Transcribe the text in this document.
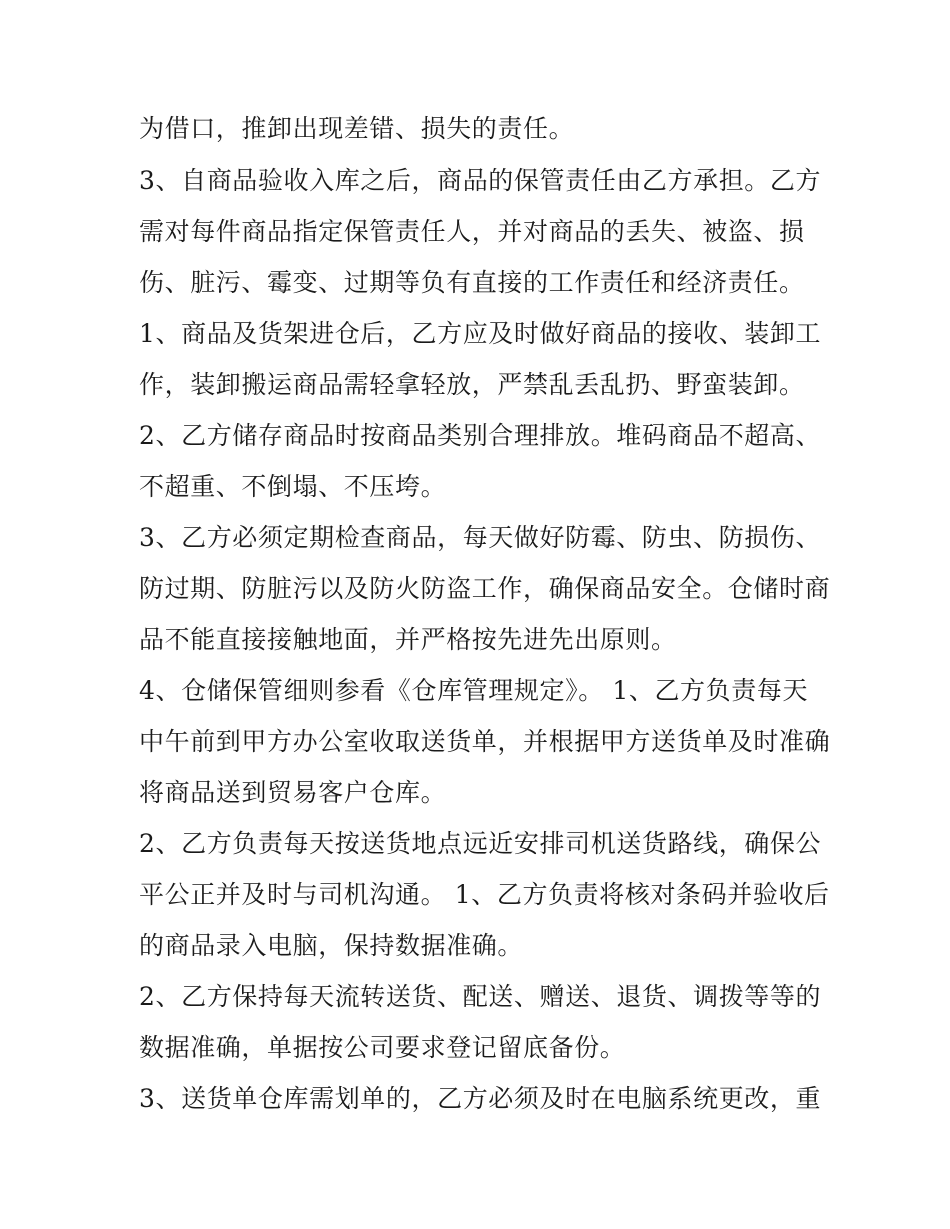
为借口，推卸出现差错、损失的责任。
3、自商品验收入库之后，商品的保管责任由乙方承担。乙方
需对每件商品指定保管责任人，并对商品的丢失、被盗、损
伤、脏污、霉变、过期等负有直接的工作责任和经济责任。
1、商品及货架进仓后，乙方应及时做好商品的接收、装卸工
作，装卸搬运商品需轻拿轻放，严禁乱丢乱扔、野蛮装卸。
2、乙方储存商品时按商品类别合理排放。堆码商品不超高、
不超重、不倒塌、不压垮。
3、乙方必须定期检查商品，每天做好防霉、防虫、防损伤、
防过期、防脏污以及防火防盗工作，确保商品安全。仓储时商
品不能直接接触地面，并严格按先进先出原则。
4、仓储保管细则参看《仓库管理规定》。 1、乙方负责每天
中午前到甲方办公室收取送货单，并根据甲方送货单及时准确
将商品送到贸易客户仓库。
2、乙方负责每天按送货地点远近安排司机送货路线，确保公
平公正并及时与司机沟通。 1、乙方负责将核对条码并验收后
的商品录入电脑，保持数据准确。
2、乙方保持每天流转送货、配送、赠送、退货、调拨等等的
数据准确，单据按公司要求登记留底备份。
3、送货单仓库需划单的，乙方必须及时在电脑系统更改，重
